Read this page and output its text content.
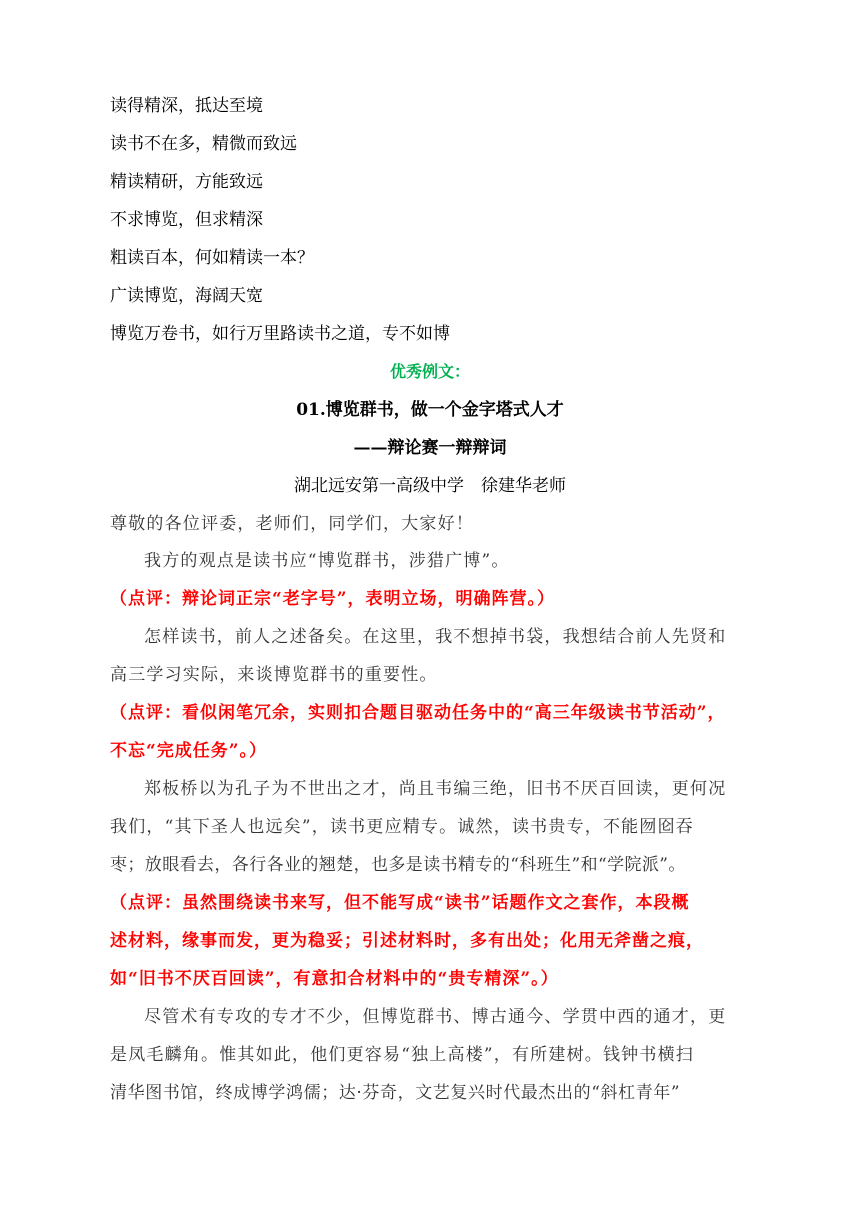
读得精深，抵达至境
读书不在多，精微而致远
精读精研，方能致远
不求博览，但求精深
粗读百本，何如精读一本？
广读博览，海阔天宽
博览万卷书，如行万里路读书之道，专不如博
优秀例文：
01.博览群书，做一个金字塔式人才
——辩论赛一辩辩词
湖北远安第一高级中学　徐建华老师
尊敬的各位评委，老师们，同学们，大家好！
我方的观点是读书应“博览群书，涉猎广博”。
（点评：辩论词正宗“老字号”，表明立场，明确阵营。）
怎样读书，前人之述备矣。在这里，我不想掉书袋，我想结合前人先贤和
高三学习实际，来谈博览群书的重要性。
（点评：看似闲笔冗余，实则扣合题目驱动任务中的“高三年级读书节活动”，
不忘“完成任务”。）
郑板桥以为孔子为不世出之才，尚且韦编三绝，旧书不厌百回读，更何况
我们，“其下圣人也远矣”，读书更应精专。诚然，读书贵专，不能囫囵吞
枣；放眼看去，各行各业的翘楚，也多是读书精专的“科班生”和“学院派”。
（点评：虽然围绕读书来写，但不能写成“读书”话题作文之套作，本段概
述材料，缘事而发，更为稳妥；引述材料时，多有出处；化用无斧凿之痕，
如“旧书不厌百回读”，有意扣合材料中的“贵专精深”。）
尽管术有专攻的专才不少，但博览群书、博古通今、学贯中西的通才，更
是凤毛麟角。惟其如此，他们更容易“独上高楼”，有所建树。钱钟书横扫
清华图书馆，终成博学鸿儒；达·芬奇，文艺复兴时代最杰出的“斜杠青年”
